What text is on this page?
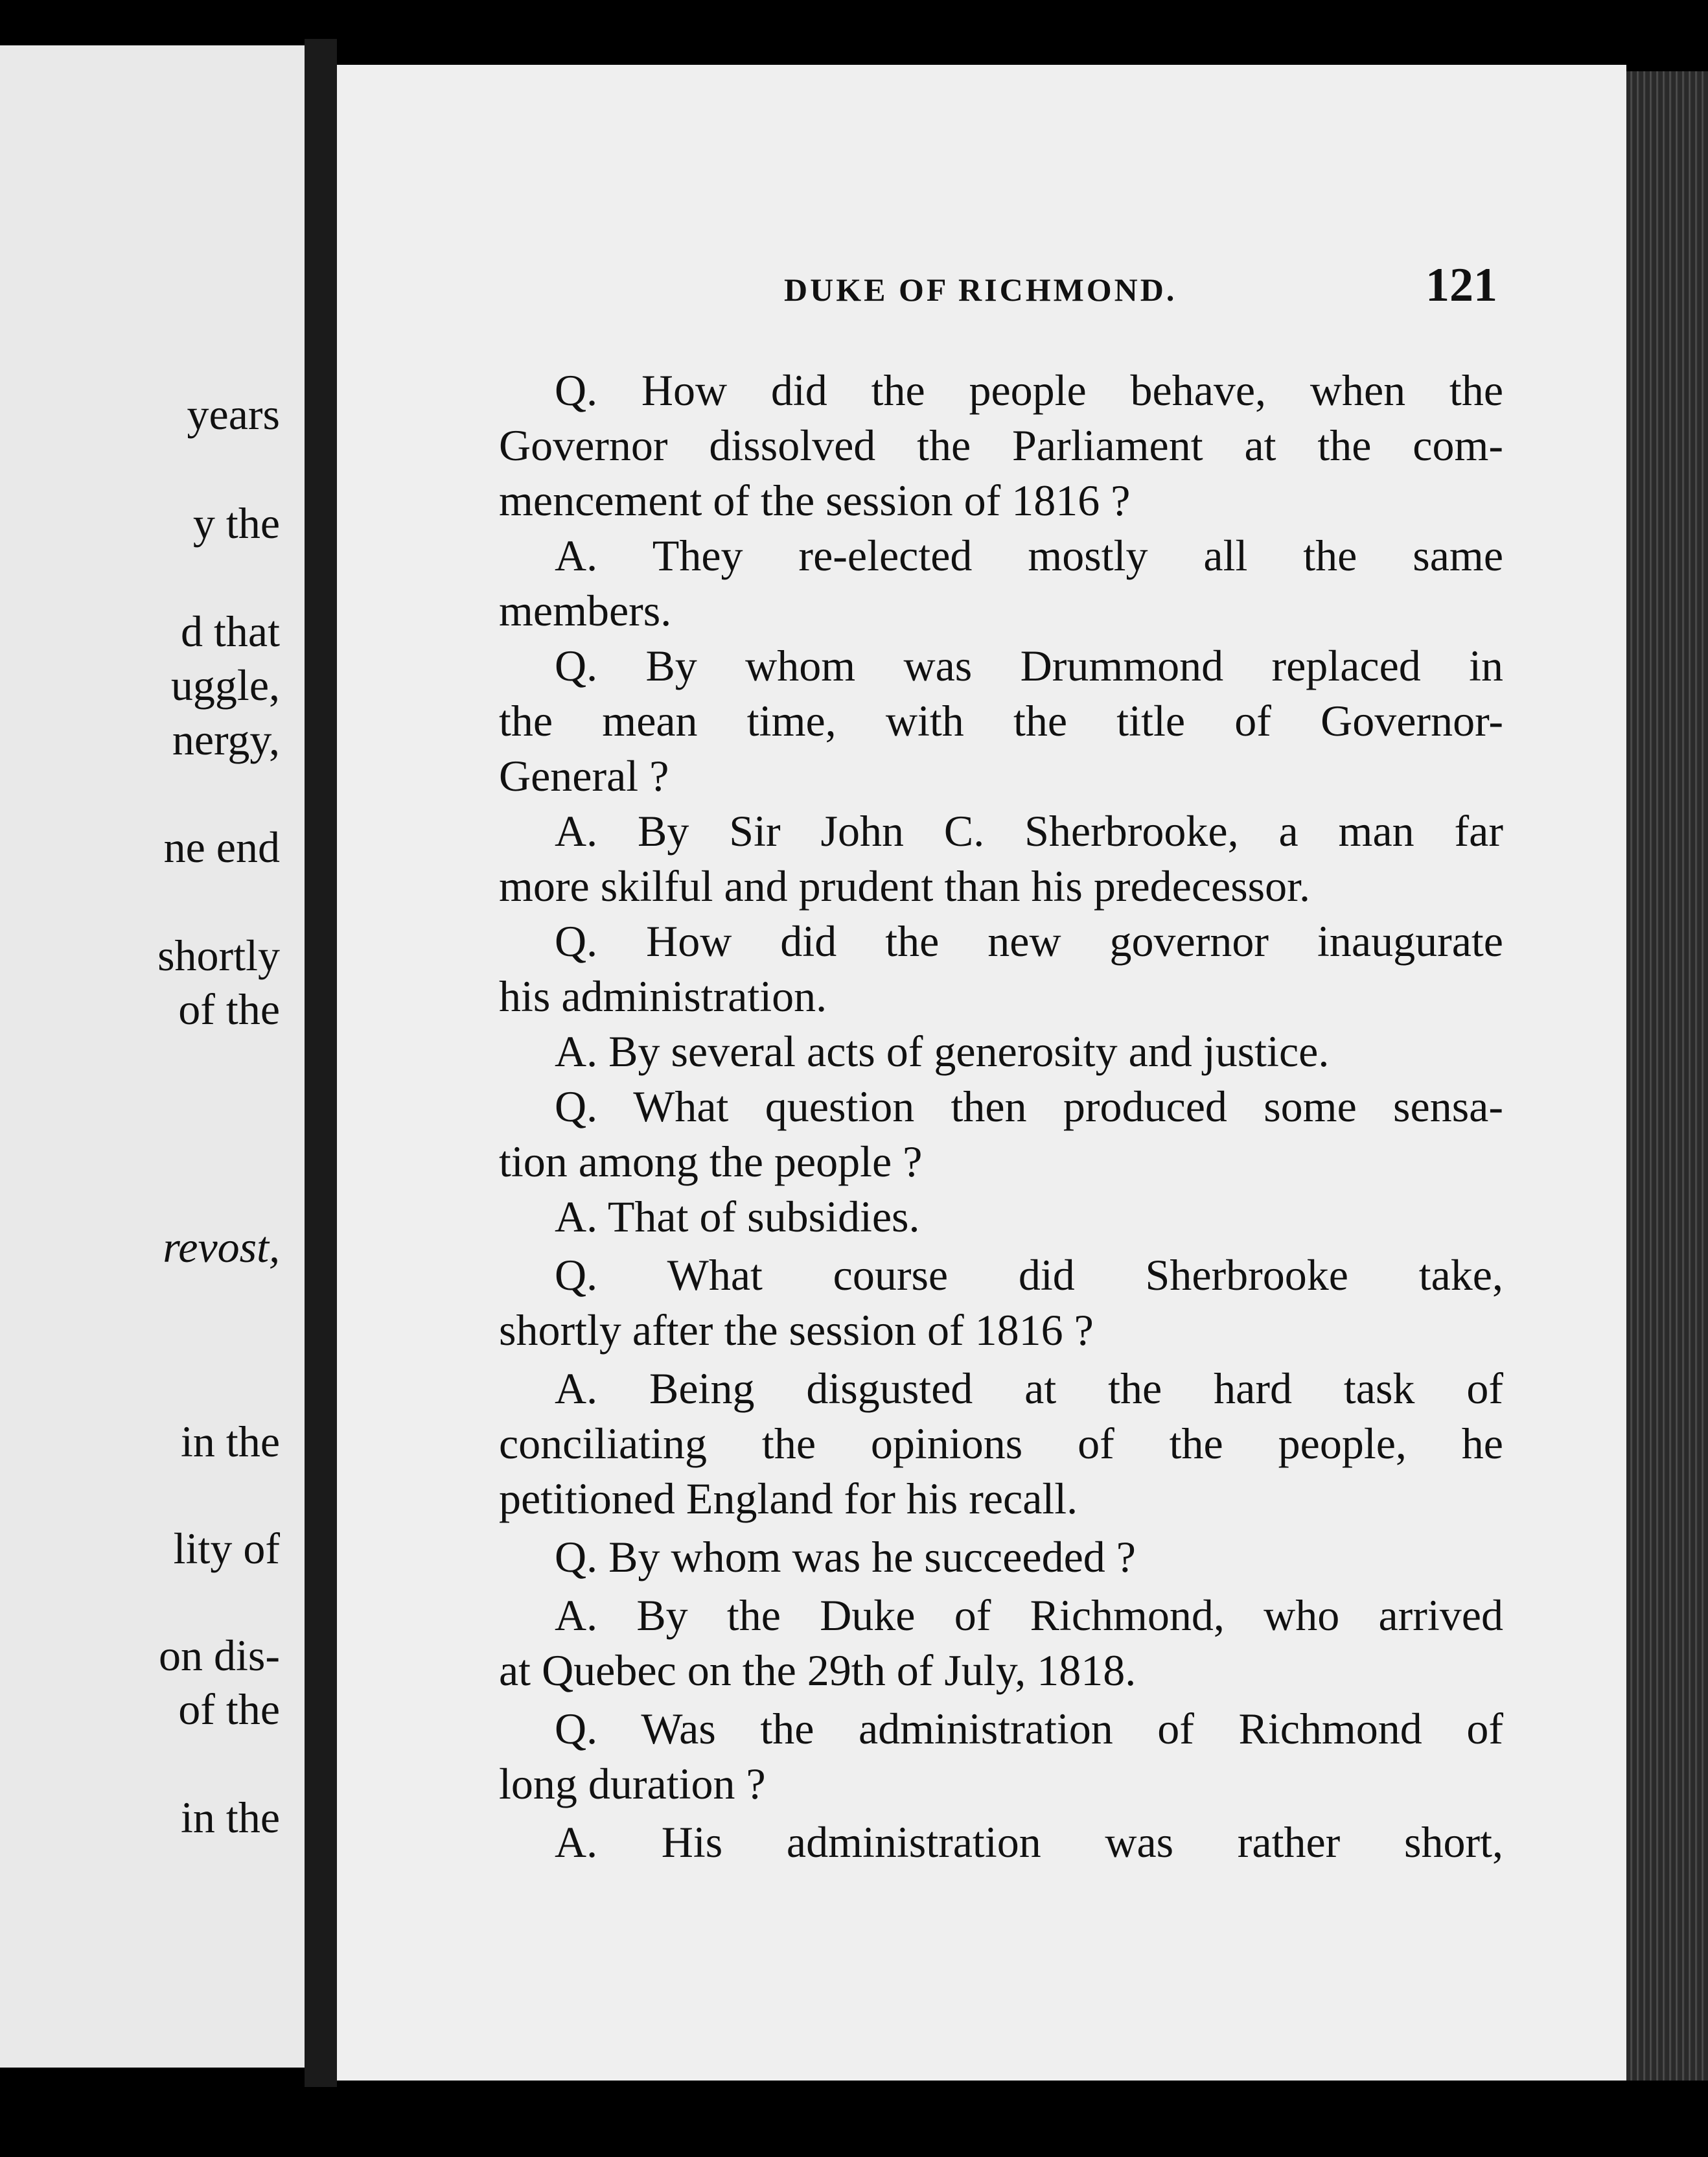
years
y the
d that
uggle,
nergy,
ne end
shortly
of the
revost,
in the
lity of
on dis-
of the
in the
DUKE OF RICHMOND.	121
Q. How did the people behave, when the
Governor dissolved the Parliament at the com-
mencement of the session of 1816 ?
A. They re-elected mostly all the same
members.
Q. By whom was Drummond replaced in
the mean time, with the title of Governor-
General ?
A. By Sir John C. Sherbrooke, a man far
more skilful and prudent than his predecessor.
Q. How did the new governor inaugurate
his administration.
A. By several acts of generosity and justice.
Q. What question then produced some sensa-
tion among the people ?
A. That of subsidies.
Q. What course did Sherbrooke take,
shortly after the session of 1816 ?
A. Being disgusted at the hard task of
conciliating the opinions of the people, he
petitioned England for his recall.
Q. By whom was he succeeded ?
A. By the Duke of Richmond, who arrived
at Quebec on the 29th of July, 1818.
Q. Was the administration of Richmond of
long duration ?
A. His administration was rather short,
